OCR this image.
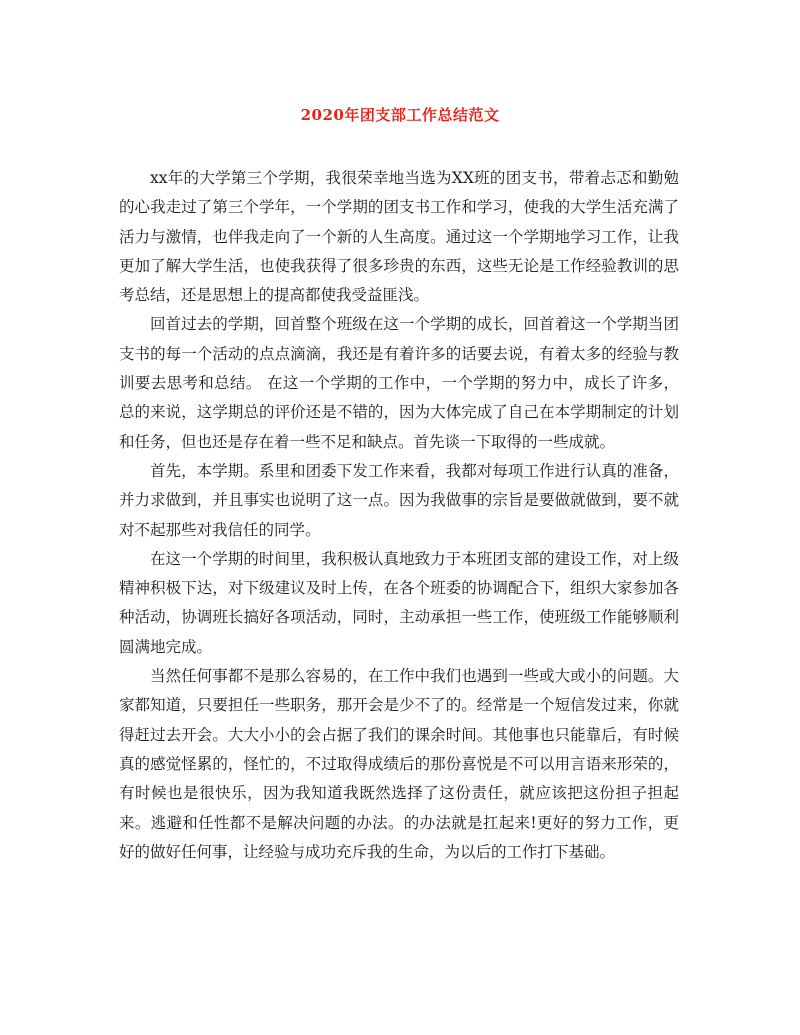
2020年团支部工作总结范文

xx年的大学第三个学期，我很荣幸地当选为XX班的团支书，带着忐忑和勤勉的心我走过了第三个学年，一个学期的团支书工作和学习，使我的大学生活充满了活力与激情，也伴我走向了一个新的人生高度。通过这一个学期地学习工作，让我更加了解大学生活，也使我获得了很多珍贵的东西，这些无论是工作经验教训的思考总结，还是思想上的提高都使我受益匪浅。

回首过去的学期，回首整个班级在这一个学期的成长，回首着这一个学期当团支书的每一个活动的点点滴滴，我还是有着许多的话要去说，有着太多的经验与教训要去思考和总结。 在这一个学期的工作中，一个学期的努力中，成长了许多，总的来说，这学期总的评价还是不错的，因为大体完成了自己在本学期制定的计划和任务，但也还是存在着一些不足和缺点。首先谈一下取得的一些成就。

首先，本学期。系里和团委下发工作来看，我都对每项工作进行认真的准备，并力求做到，并且事实也说明了这一点。因为我做事的宗旨是要做就做到，要不就对不起那些对我信任的同学。

在这一个学期的时间里，我积极认真地致力于本班团支部的建设工作，对上级精神积极下达，对下级建议及时上传，在各个班委的协调配合下，组织大家参加各种活动，协调班长搞好各项活动，同时，主动承担一些工作，使班级工作能够顺利圆满地完成。

当然任何事都不是那么容易的，在工作中我们也遇到一些或大或小的问题。大家都知道，只要担任一些职务，那开会是少不了的。经常是一个短信发过来，你就得赶过去开会。大大小小的会占据了我们的课余时间。其他事也只能靠后，有时候真的感觉怪累的，怪忙的，不过取得成绩后的那份喜悦是不可以用言语来形荣的，有时候也是很快乐，因为我知道我既然选择了这份责任，就应该把这份担子担起来。逃避和任性都不是解决问题的办法。的办法就是扛起来!更好的努力工作，更好的做好任何事，让经验与成功充斥我的生命，为以后的工作打下基础。
